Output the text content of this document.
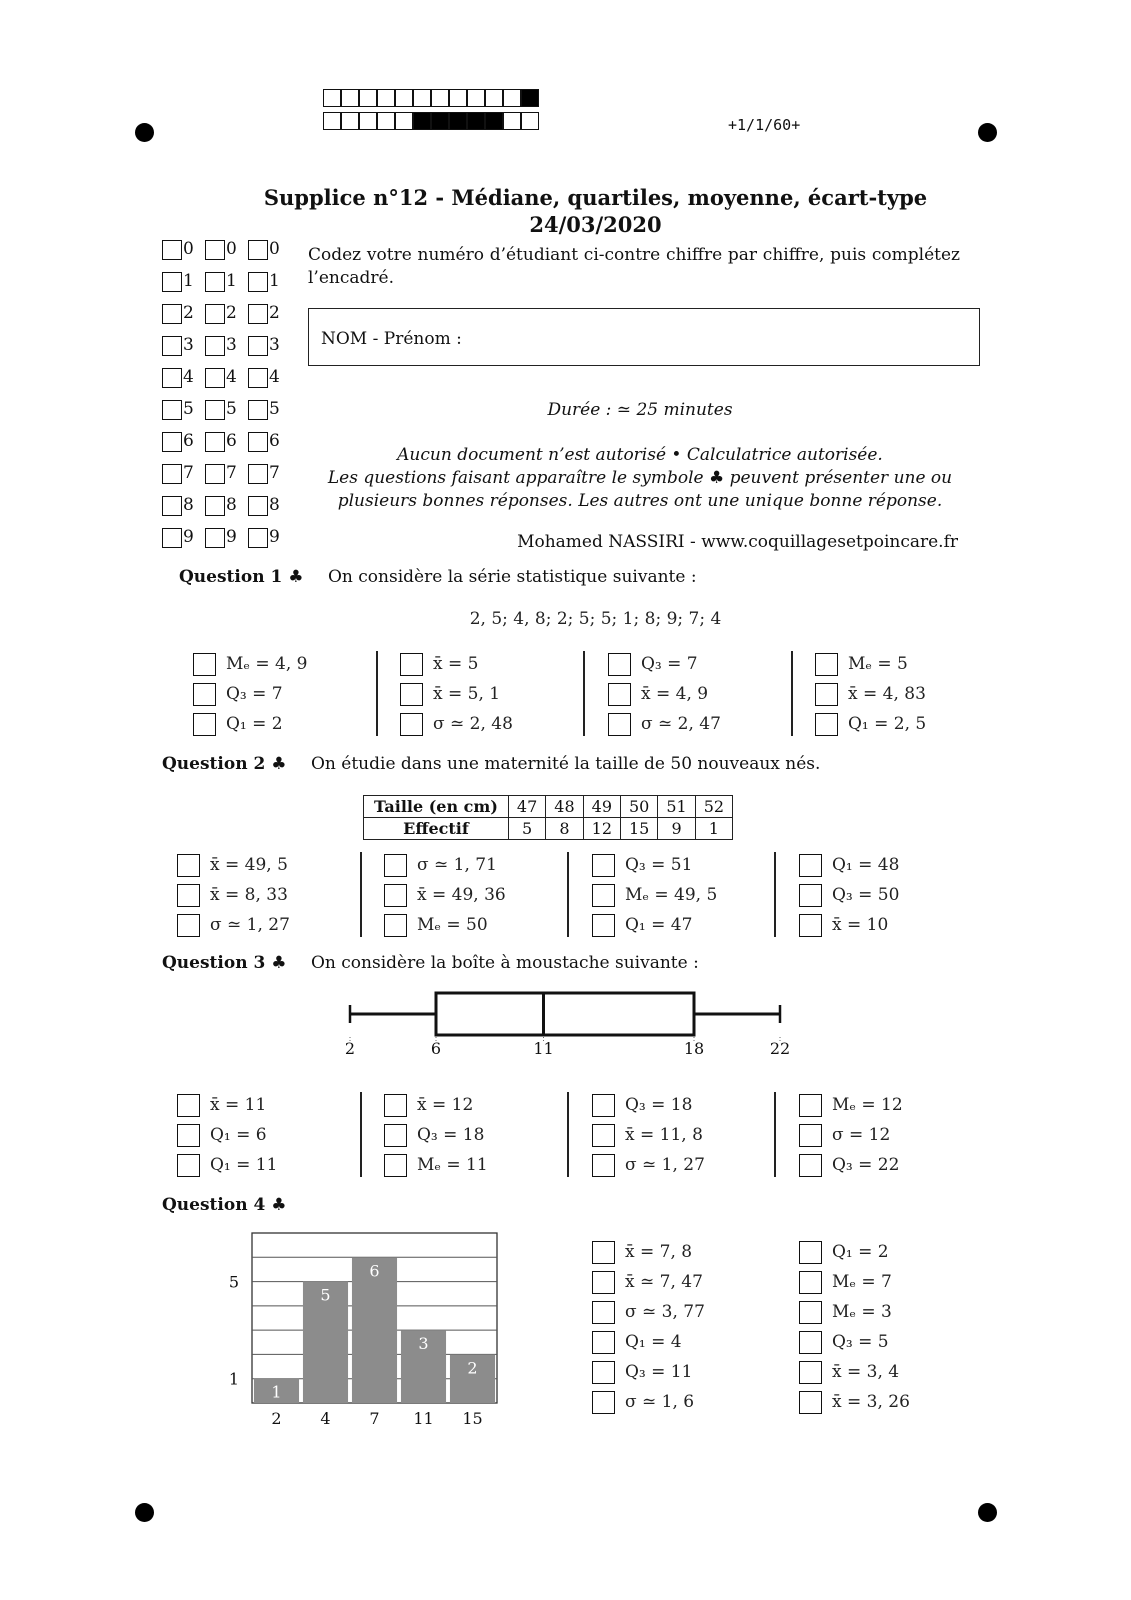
+1/1/60+
Supplice n°12 - Médiane, quartiles, moyenne, écart-type
24/03/2020
0
1
2
3
4
5
6
7
8
9
0
1
2
3
4
5
6
7
8
9
0
1
2
3
4
5
6
7
8
9
Codez votre numéro d’étudiant ci-contre chiffre par chiffre, puis complétez l’encadré.
NOM - Prénom :
Durée : ≃ 25 minutes
Aucun document n’est autorisé • Calculatrice autorisée.
Les questions faisant apparaître le symbole ♣ peuvent présenter une ou
plusieurs bonnes réponses. Les autres ont une unique bonne réponse.
Mohamed NASSIRI - www.coquillagesetpoincare.fr
Question 1 ♣ On considère la série statistique suivante :
2, 5; 4, 8; 2; 5; 5; 1; 8; 9; 7; 4
Mₑ = 4, 9
Q₃ = 7
Q₁ = 2
x̄ = 5
x̄ = 5, 1
σ ≃ 2, 48
Q₃ = 7
x̄ = 4, 9
σ ≃ 2, 47
Mₑ = 5
x̄ = 4, 83
Q₁ = 2, 5
Question 2 ♣ On étudie dans une maternité la taille de 50 nouveaux nés.
Taille (en cm)	47	48	49	50	51	52
Effectif	5	8	12	15	9	1
x̄ = 49, 5
x̄ = 8, 33
σ ≃ 1, 27
σ ≃ 1, 71
x̄ = 49, 36
Mₑ = 50
Q₃ = 51
Mₑ = 49, 5
Q₁ = 47
Q₁ = 48
Q₃ = 50
x̄ = 10
Question 3 ♣ On considère la boîte à moustache suivante :
2	6	11	18	22
x̄ = 11
Q₁ = 6
Q₁ = 11
x̄ = 12
Q₃ = 18
Mₑ = 11
Q₃ = 18
x̄ = 11, 8
σ ≃ 1, 27
Mₑ = 12
σ = 12
Q₃ = 22
Question 4 ♣
1
2
5
4
6
7
3
11
2
15
1
5
x̄ = 7, 8
x̄ ≃ 7, 47
σ ≃ 3, 77
Q₁ = 4
Q₃ = 11
σ ≃ 1, 6
Q₁ = 2
Mₑ = 7
Mₑ = 3
Q₃ = 5
x̄ = 3, 4
x̄ = 3, 26
